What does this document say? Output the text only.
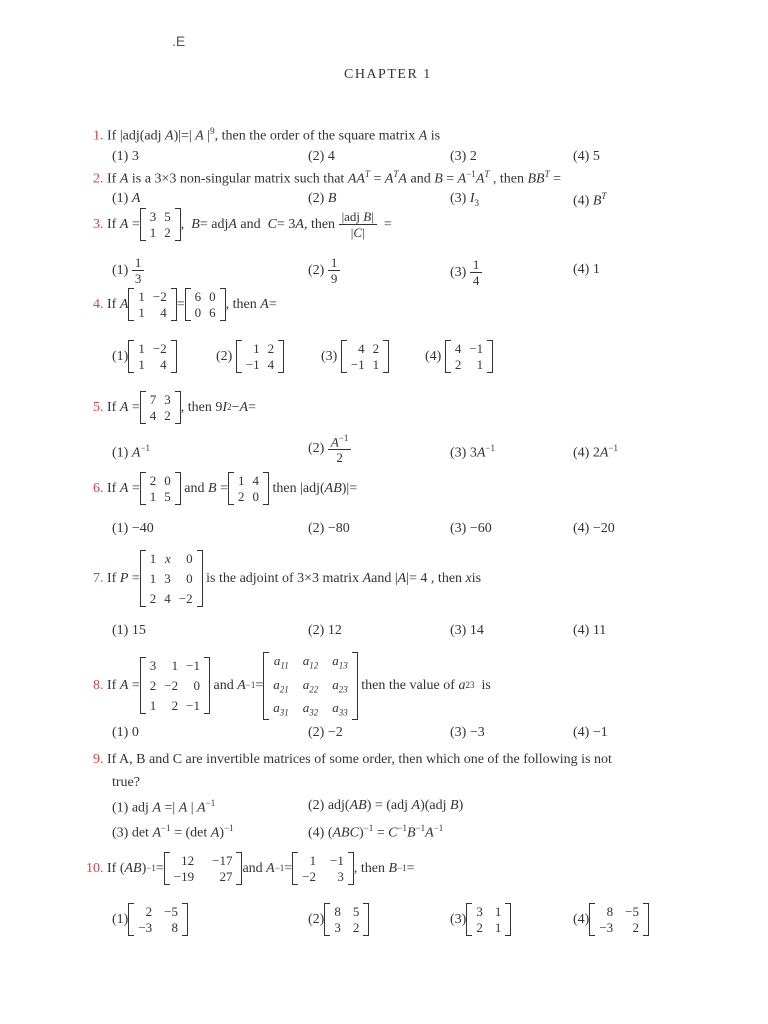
.E
CHAPTER 1
1. If |adj(adj A)|=| A $|^9$, then the order of the square matrix A is
(1) 3	(2) 4	(3) 2	(4) 5
2. If A is a 3×3 non-singular matrix such that $AA^T = A^TA$ and $B = A^{-1}A^T$ , then $BB^T$ =
(1) A	(2) B	(3) $I_3$	(4) $B^T$
3. If A = 3 5
1 2
, B = adj A and C = 3 A , then $\frac{\text{|adj B|}}{|C|}$ =
(1)
$\frac{1}{3}$	(2)
$\frac{1}{9}$	(3)
$\frac{1}{4}$	(4) 1
4. If A 1 −2
1	4
= 6 0
0 6
, then A =
(1) 1 −2
1	4
(2)
	1 2
−1 4
(3)
	4 2
−1 1
(4)
4 −1
2	1
5. If A = 7 3
4 2
, then 9 I 2 − A =
(1) $A^{-1}$	(2)
$\frac{A^{-1}}{2}$	(3) $3A^{-1}$	(4) $2A^{-1}$
6. If A = 2 0
1 5
and B = 1 4
2 0
then |adj( AB )|=
(1) −40	(2) −80	(3) −60	(4) −20
7. If P =
1 x	0
1 3	0
2 4 −2
is the adjoint of 3×3 matrix A and | A |= 4 , then x is
(1) 15	(2) 12	(3) 14	(4) 11
8. If A =
3	1 −1
2 −2	0
1	2 −1
and A −1 =
$a_{11}$ $a_{12}$ $a_{13}$
$a_{21}$ $a_{22}$ $a_{23}$
$a_{31}$ $a_{32}$ $a_{33}$
then the value of a 23 is
(1) 0	(2) −2	(3) −3	(4) −1
9. If A, B and C are invertible matrices of some order, then which one of the following is not
true?
(1) adj A =| A | $A^{-1}$	(2) adj(AB) = (adj A)(adj B)
(3) $\det A^{-1} = (\det$ A)$^{-1}$	(4) $(ABC)^{-1} = C^{-1}B^{-1}A^{-1}$
10. If ( AB ) −1 =	12 −17
−19	27
and A −1 =	1 −1
−2	3
, then B −1 =
(1)	2 −5
−3	8
(2) 8 5
3 2
(3) 3 1
2 1
(4)	8 −5
−3	2
